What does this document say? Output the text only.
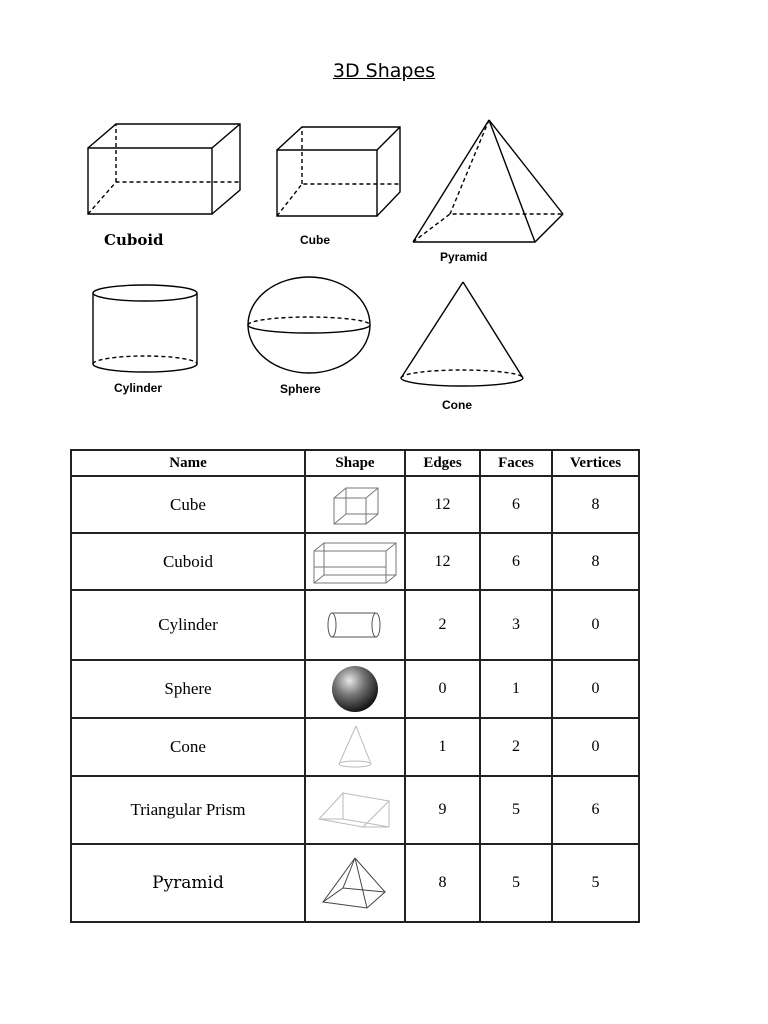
3D Shapes
Cuboid	Cube
Pyramid
Cylinder	Sphere
Cone
Name	Shape	Edges	Faces	Vertices
Cube		12	6	8
Cuboid		12	6	8
Cylinder		2	3	0
Sphere		0	1	0
Cone		1	2	0
Triangular Prism		9	5	6
Pyramid		8	5	5
